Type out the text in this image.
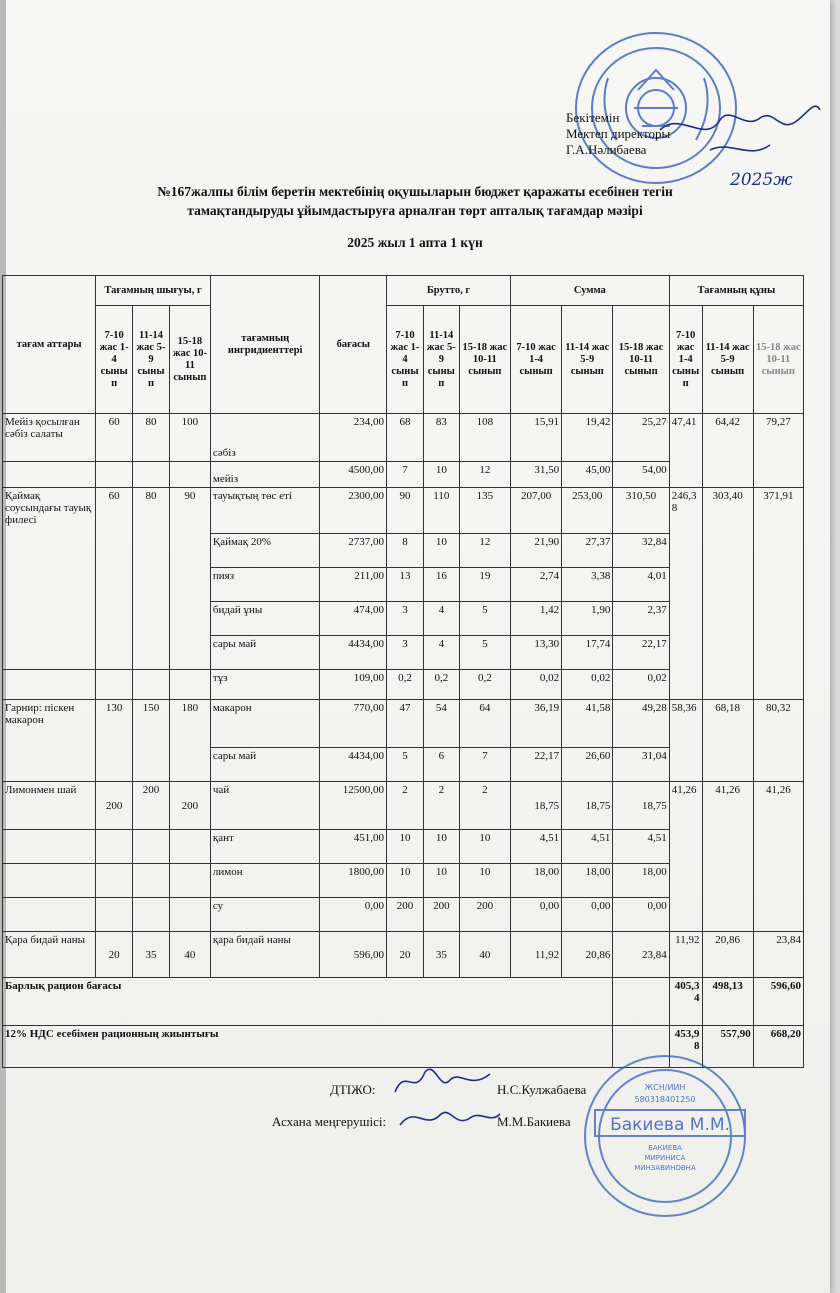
2025ж
Бекітемін
Мектеп директоры
Г.А.Нәлибаева
№167жалпы білім беретін мектебінің оқушыларын бюджет қаражаты есебінен тегін
тамақтандыруды ұйымдастыруға арналған төрт апталық тағамдар мәзірі
2025 жыл 1 апта 1 күн
тағам аттары	Тағамның шығуы, г			тағамның ингридиенттері	бағасы	Брутто, г			Сумма			Тағамның құны		
	7-10 жас 1-4 сынып	11-14 жас 5-9 сынып	15-18 жас 10-11 сынып			7-10 жас 1-4 сынып	11-14 жас 5-9 сынып	15-18 жас 10-11 сынып	7-10 жас 1-4 сынып	11-14 жас 5-9 сынып	15-18 жас 10-11 сынып	7-10 жас 1-4 сынып	11-14 жас 5-9 сынып	15-18 жас 10-11 сынып
Мейіз қосылған сәбіз салаты	60	80	100	сәбіз	234,00	68	83	108	15,91	19,42	25,27	47,41	64,42	79,27
				мейіз	4500,00	7	10	12	31,50	45,00	54,00			
Қаймақ соусындағы тауық филесі	60	80	90	тауықтың төс еті	2300,00	90	110	135	207,00	253,00	310,50	246,38	303,40	371,91
				Қаймақ 20%	2737,00	8	10	12	21,90	27,37	32,84			
				пияз	211,00	13	16	19	2,74	3,38	4,01			
				бидай ұны	474,00	3	4	5	1,42	1,90	2,37			
				сары май	4434,00	3	4	5	13,30	17,74	22,17			
				тұз	109,00	0,2	0,2	0,2	0,02	0,02	0,02			
Гарнир: піскен макарон	130	150	180	макарон	770,00	47	54	64	36,19	41,58	49,28	58,36	68,18	80,32
				сары май	4434,00	5	6	7	22,17	26,60	31,04			
Лимонмен шай	200	200	200	чай	12500,00	2	2	2	18,75	18,75	18,75	41,26	41,26	41,26
				қант	451,00	10	10	10	4,51	4,51	4,51			
				лимон	1800,00	10	10	10	18,00	18,00	18,00			
				су	0,00	200	200	200	0,00	0,00	0,00			
Қара бидай наны	20	35	40	қара бидай наны	596,00	20	35	40	11,92	20,86	23,84	11,92	20,86	23,84
Барлық рацион бағасы												405,34	498,13	596,60
12% НДС есебімен рационның жиынтығы												453,98	557,90	668,20
ДТІЖО:	Н.С.Кулжабаева
Асхана меңгерушісі:	М.М.Бакиева
ЖСН/ИИН
580318401250
Бакиева М.М.
БАКИЕВА
МИРИНИСА
МИНЗАВИНОВНА
